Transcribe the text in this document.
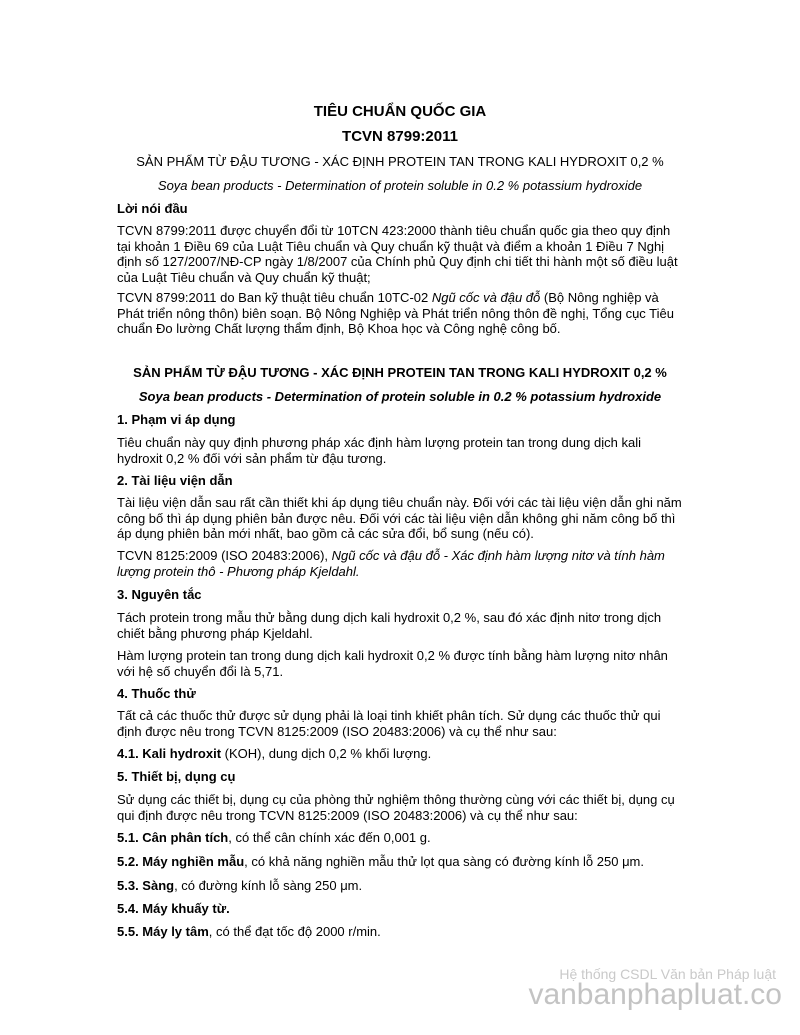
TIÊU CHUẨN QUỐC GIA

TCVN 8799:2011

SẢN PHẨM TỪ ĐẬU TƯƠNG - XÁC ĐỊNH PROTEIN TAN TRONG KALI HYDROXIT 0,2 %

Soya bean products - Determination of protein soluble in 0.2 % potassium hydroxide

Lời nói đầu

TCVN 8799:2011 được chuyển đổi từ 10TCN 423:2000 thành tiêu chuẩn quốc gia theo quy định tại khoản 1 Điều 69 của Luật Tiêu chuẩn và Quy chuẩn kỹ thuật và điểm a khoản 1 Điều 7 Nghị định số 127/2007/NĐ-CP ngày 1/8/2007 của Chính phủ Quy định chi tiết thi hành một số điều luật của Luật Tiêu chuẩn và Quy chuẩn kỹ thuật;

TCVN 8799:2011 do Ban kỹ thuật tiêu chuẩn 10TC-02 Ngũ cốc và đậu đỗ (Bộ Nông nghiệp và Phát triển nông thôn) biên soạn. Bộ Nông Nghiệp và Phát triển nông thôn đề nghị, Tổng cục Tiêu chuẩn Đo lường Chất lượng thẩm định, Bộ Khoa học và Công nghệ công bố.

SẢN PHẨM TỪ ĐẬU TƯƠNG - XÁC ĐỊNH PROTEIN TAN TRONG KALI HYDROXIT 0,2 %

Soya bean products - Determination of protein soluble in 0.2 % potassium hydroxide

1. Phạm vi áp dụng

Tiêu chuẩn này quy định phương pháp xác định hàm lượng protein tan trong dung dịch kali hydroxit 0,2 % đối với sản phẩm từ đậu tương.

2. Tài liệu viện dẫn

Tài liệu viện dẫn sau rất cần thiết khi áp dụng tiêu chuẩn này. Đối với các tài liệu viện dẫn ghi năm công bố thì áp dụng phiên bản được nêu. Đối với các tài liệu viện dẫn không ghi năm công bố thì áp dụng phiên bản mới nhất, bao gồm cả các sửa đổi, bổ sung (nếu có).

TCVN 8125:2009 (ISO 20483:2006), Ngũ cốc và đậu đỗ - Xác định hàm lượng nitơ và tính hàm lượng protein thô - Phương pháp Kjeldahl.

3. Nguyên tắc

Tách protein trong mẫu thử bằng dung dịch kali hydroxit 0,2 %, sau đó xác định nitơ trong dịch chiết bằng phương pháp Kjeldahl.

Hàm lượng protein tan trong dung dịch kali hydroxit 0,2 % được tính bằng hàm lượng nitơ nhân với hệ số chuyển đổi là 5,71.

4. Thuốc thử

Tất cả các thuốc thử được sử dụng phải là loại tinh khiết phân tích. Sử dụng các thuốc thử qui định được nêu trong TCVN 8125:2009 (ISO 20483:2006) và cụ thể như sau:

4.1. Kali hydroxit (KOH), dung dịch 0,2 % khối lượng.

5. Thiết bị, dụng cụ

Sử dụng các thiết bị, dụng cụ của phòng thử nghiệm thông thường cùng với các thiết bị, dụng cụ qui định được nêu trong TCVN 8125:2009 (ISO 20483:2006) và cụ thể như sau:

5.1. Cân phân tích, có thể cân chính xác đến 0,001 g.

5.2. Máy nghiền mẫu, có khả năng nghiền mẫu thử lọt qua sàng có đường kính lỗ 250 μm.

5.3. Sàng, có đường kính lỗ sàng 250 μm.

5.4. Máy khuấy từ.

5.5. Máy ly tâm, có thể đạt tốc độ 2000 r/min.

Hệ thống CSDL Văn bản Pháp luật
vanbanphapluat.co
